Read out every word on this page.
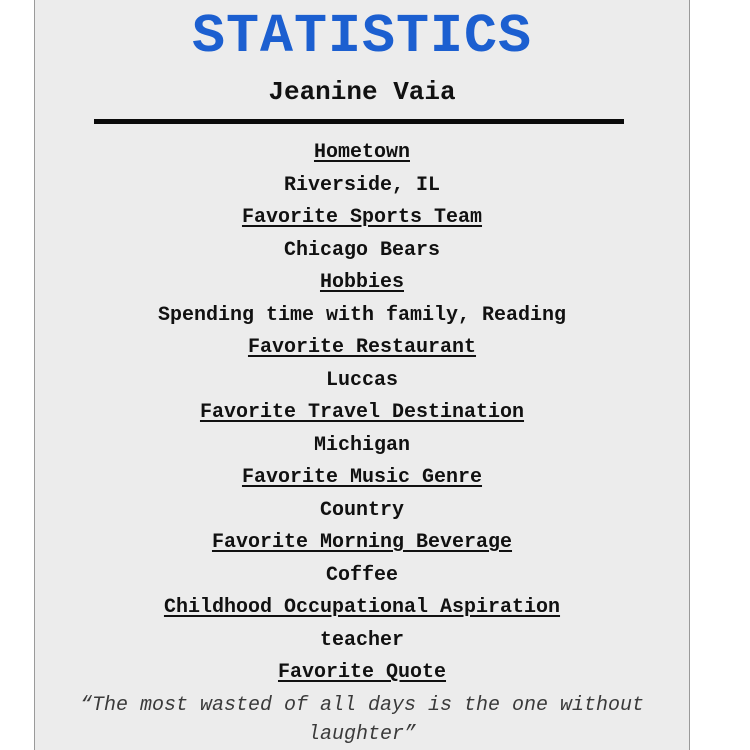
STATISTICS
Jeanine Vaia
Hometown
Riverside, IL
Favorite Sports Team
Chicago Bears
Hobbies
Spending time with family, Reading
Favorite Restaurant
Luccas
Favorite Travel Destination
Michigan
Favorite Music Genre
Country
Favorite Morning Beverage
Coffee
Childhood Occupational Aspiration
teacher
Favorite Quote
“The most wasted of all days is the one without laughter”
